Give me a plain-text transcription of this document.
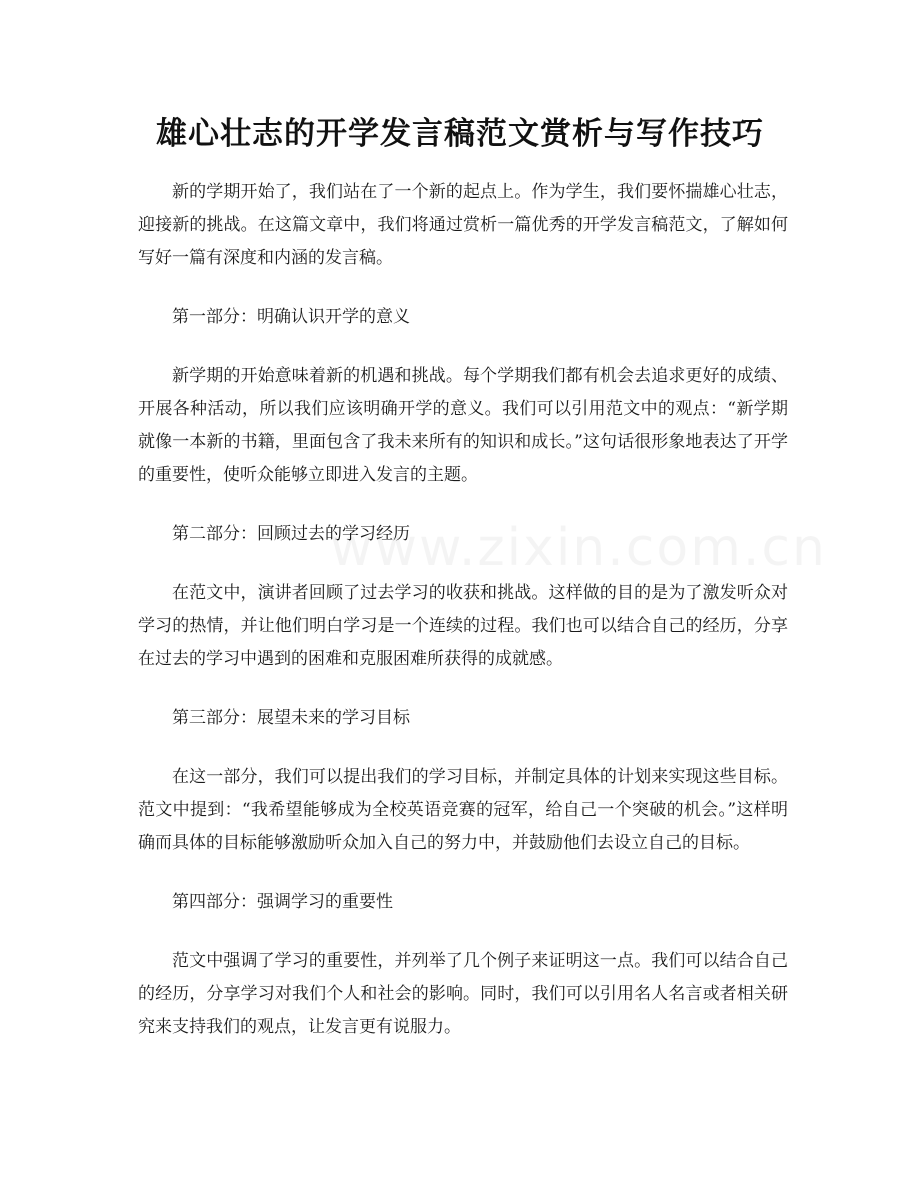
雄心壮志的开学发言稿范文赏析与写作技巧

新的学期开始了，我们站在了一个新的起点上。作为学生，我们要怀揣雄心壮志，迎接新的挑战。在这篇文章中，我们将通过赏析一篇优秀的开学发言稿范文，了解如何写好一篇有深度和内涵的发言稿。

第一部分：明确认识开学的意义

新学期的开始意味着新的机遇和挑战。每个学期我们都有机会去追求更好的成绩、开展各种活动，所以我们应该明确开学的意义。我们可以引用范文中的观点：“新学期就像一本新的书籍，里面包含了我未来所有的知识和成长。”这句话很形象地表达了开学的重要性，使听众能够立即进入发言的主题。

第二部分：回顾过去的学习经历

在范文中，演讲者回顾了过去学习的收获和挑战。这样做的目的是为了激发听众对学习的热情，并让他们明白学习是一个连续的过程。我们也可以结合自己的经历，分享在过去的学习中遇到的困难和克服困难所获得的成就感。

第三部分：展望未来的学习目标

在这一部分，我们可以提出我们的学习目标，并制定具体的计划来实现这些目标。范文中提到：“我希望能够成为全校英语竞赛的冠军，给自己一个突破的机会。”这样明确而具体的目标能够激励听众加入自己的努力中，并鼓励他们去设立自己的目标。

第四部分：强调学习的重要性

范文中强调了学习的重要性，并列举了几个例子来证明这一点。我们可以结合自己的经历，分享学习对我们个人和社会的影响。同时，我们可以引用名人名言或者相关研究来支持我们的观点，让发言更有说服力。
